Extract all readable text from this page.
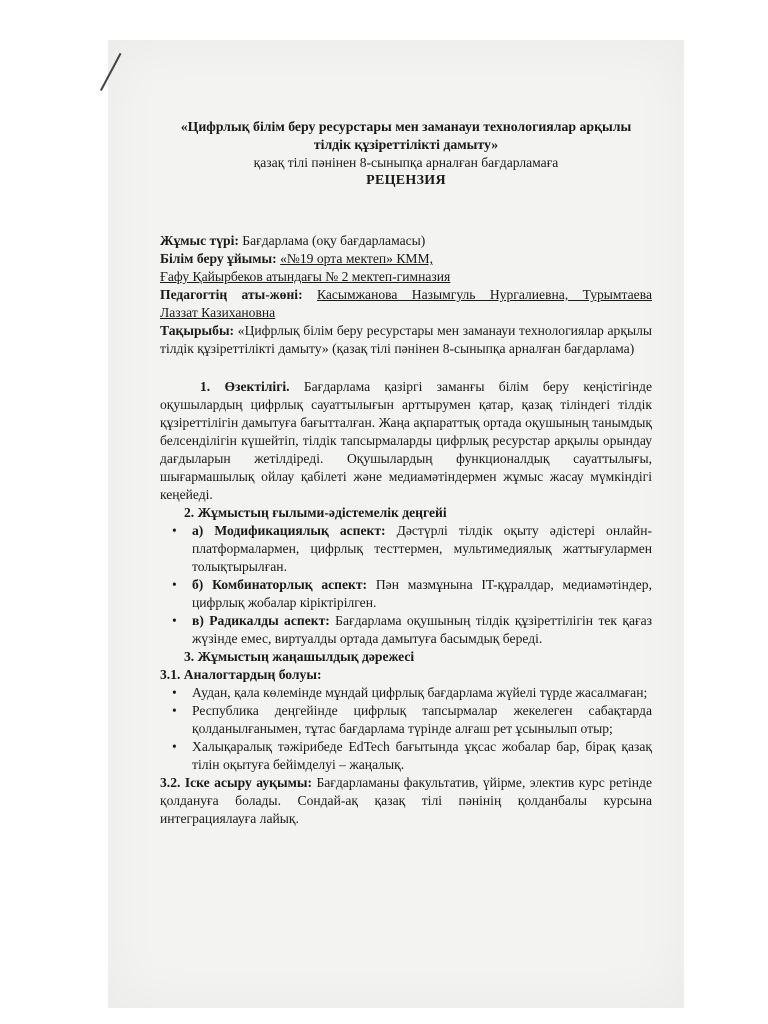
«Цифрлық білім беру ресурстары мен заманауи технологиялар арқылы
тілдік құзіреттілікті дамыту»
қазақ тілі пәнінен 8-сыныпқа арналған бағдарламаға
РЕЦЕНЗИЯ

Жұмыс түрі: Бағдарлама (оқу бағдарламасы)

Білім беру ұйымы: «№19 орта мектеп» КММ,

Ғафу Қайырбеков атындағы № 2 мектеп-гимназия

Педагогтің аты-жөні: Касымжанова Назымгуль Нургалиевна, Турымтаева

Лаззат Казихановна

Тақырыбы: «Цифрлық білім беру ресурстары мен заманауи технологиялар арқылы тілдік құзіреттілікті дамыту» (қазақ тілі пәнінен 8-сыныпқа арналған бағдарлама)

1. Өзектілігі. Бағдарлама қазіргі заманғы білім беру кеңістігінде оқушылардың цифрлық сауаттылығын арттырумен қатар, қазақ тіліндегі тілдік құзіреттілігін дамытуға бағытталған. Жаңа ақпараттық ортада оқушының танымдық белсенділігін күшейтіп, тілдік тапсырмаларды цифрлық ресурстар арқылы орындау дағдыларын жетілдіреді. Оқушылардың функционалдық сауаттылығы, шығармашылық ойлау қабілеті және медиамәтіндермен жұмыс жасау мүмкіндігі кеңейеді.

2. Жұмыстың ғылыми-әдістемелік деңгейі
• а) Модификациялық аспект: Дәстүрлі тілдік оқыту әдістері онлайн-платформалармен, цифрлық тесттермен, мультимедиялық жаттығулармен толықтырылған.
• б) Комбинаторлық аспект: Пән мазмұнына IT-құралдар, медиамәтіндер, цифрлық жобалар кіріктірілген.
• в) Радикалды аспект: Бағдарлама оқушының тілдік құзіреттілігін тек қағаз жүзінде емес, виртуалды ортада дамытуға басымдық береді.
3. Жұмыстың жаңашылдық дәрежесі
3.1. Аналогтардың болуы:
• Аудан, қала көлемінде мұндай цифрлық бағдарлама жүйелі түрде жасалмаған;
• Республика деңгейінде цифрлық тапсырмалар жекелеген сабақтарда қолданылғанымен, тұтас бағдарлама түрінде алғаш рет ұсынылып отыр;
• Халықаралық тәжірибеде EdTech бағытында ұқсас жобалар бар, бірақ қазақ тілін оқытуға бейімделуі – жаңалық.

3.2. Іске асыру ауқымы: Бағдарламаны факультатив, үйірме, электив курс ретінде қолдануға болады. Сондай-ақ қазақ тілі пәнінің қолданбалы курсына интеграциялауға лайық.
